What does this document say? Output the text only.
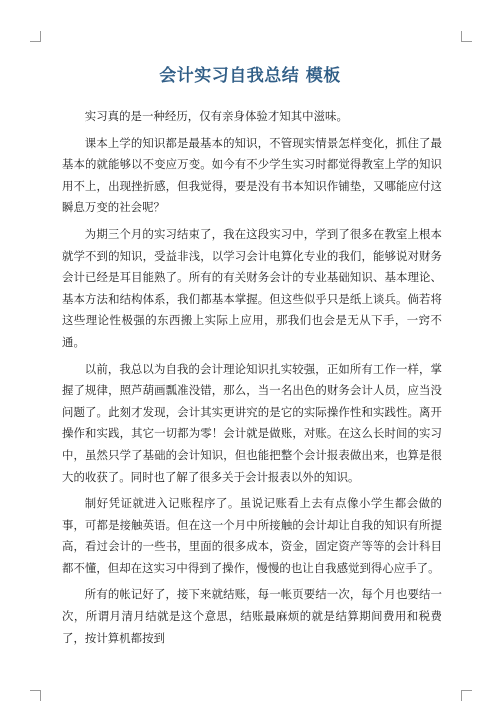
会计实习自我总结 模板

实习真的是一种经历，仅有亲身体验才知其中滋味。

课本上学的知识都是最基本的知识，不管现实情景怎样变化，抓住了最基本的就能够以不变应万变。如今有不少学生实习时都觉得教室上学的知识用不上，出现挫折感，但我觉得，要是没有书本知识作铺垫，又哪能应付这瞬息万变的社会呢？

为期三个月的实习结束了，我在这段实习中，学到了很多在教室上根本就学不到的知识，受益非浅，以学习会计电算化专业的我们，能够说对财务会计已经是耳目能熟了。所有的有关财务会计的专业基础知识、基本理论、基本方法和结构体系，我们都基本掌握。但这些似乎只是纸上谈兵。倘若将这些理论性极强的东西搬上实际上应用，那我们也会是无从下手，一窍不通。

以前，我总以为自我的会计理论知识扎实较强，正如所有工作一样，掌握了规律，照芦葫画瓢准没错，那么，当一名出色的财务会计人员，应当没问题了。此刻才发现，会计其实更讲究的是它的实际操作性和实践性。离开操作和实践，其它一切都为零！会计就是做账，对账。在这么长时间的实习中，虽然只学了基础的会计知识，但也能把整个会计报表做出来，也算是很大的收获了。同时也了解了很多关于会计报表以外的知识。

制好凭证就进入记账程序了。虽说记账看上去有点像小学生都会做的事，可都是接触英语。但在这一个月中所接触的会计却让自我的知识有所提高，看过会计的一些书，里面的很多成本，资金，固定资产等等的会计科目都不懂，但却在这实习中得到了操作，慢慢的也让自我感觉到得心应手了。

所有的帐记好了，接下来就结账，每一帐页要结一次，每个月也要结一次，所谓月清月结就是这个意思，结账最麻烦的就是结算期间费用和税费了，按计算机都按到
